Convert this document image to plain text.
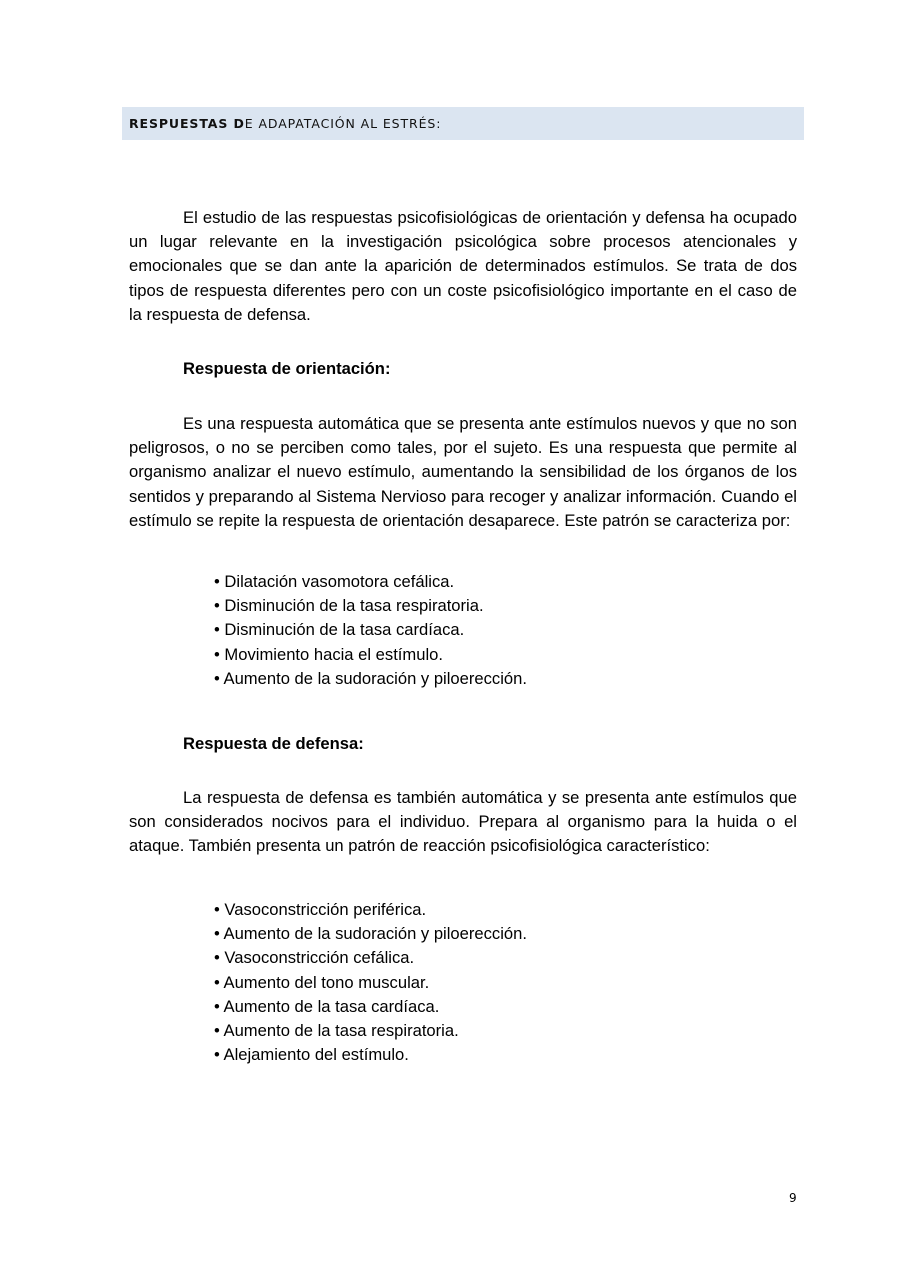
RESPUESTAS DE ADAPATACIÓN AL ESTRÉS:

El estudio de las respuestas psicofisiológicas de orientación y defensa ha ocupado un lugar relevante en la investigación psicológica sobre procesos atencionales y emocionales que se dan ante la aparición de determinados estímulos. Se trata de dos tipos de respuesta diferentes pero con un coste psicofisiológico importante en el caso de la respuesta de defensa.

Respuesta de orientación:

Es una respuesta automática que se presenta ante estímulos nuevos y que no son peligrosos, o no se perciben como tales, por el sujeto. Es una respuesta que permite al organismo analizar el nuevo estímulo, aumentando la sensibilidad de los órganos de los sentidos y preparando al Sistema Nervioso para recoger y analizar información. Cuando el estímulo se repite la respuesta de orientación desaparece. Este patrón se caracteriza por:

• Dilatación vasomotora cefálica.
• Disminución de la tasa respiratoria.
• Disminución de la tasa cardíaca.
• Movimiento hacia el estímulo.
• Aumento de la sudoración y piloerección.

Respuesta de defensa:

La respuesta de defensa es también automática y se presenta ante estímulos que son considerados nocivos para el individuo. Prepara al organismo para la huida o el ataque. También presenta un patrón de reacción psicofisiológica característico:

• Vasoconstricción periférica.
• Aumento de la sudoración y piloerección.
• Vasoconstricción cefálica.
• Aumento del tono muscular.
• Aumento de la tasa cardíaca.
• Aumento de la tasa respiratoria.
• Alejamiento del estímulo.
9
